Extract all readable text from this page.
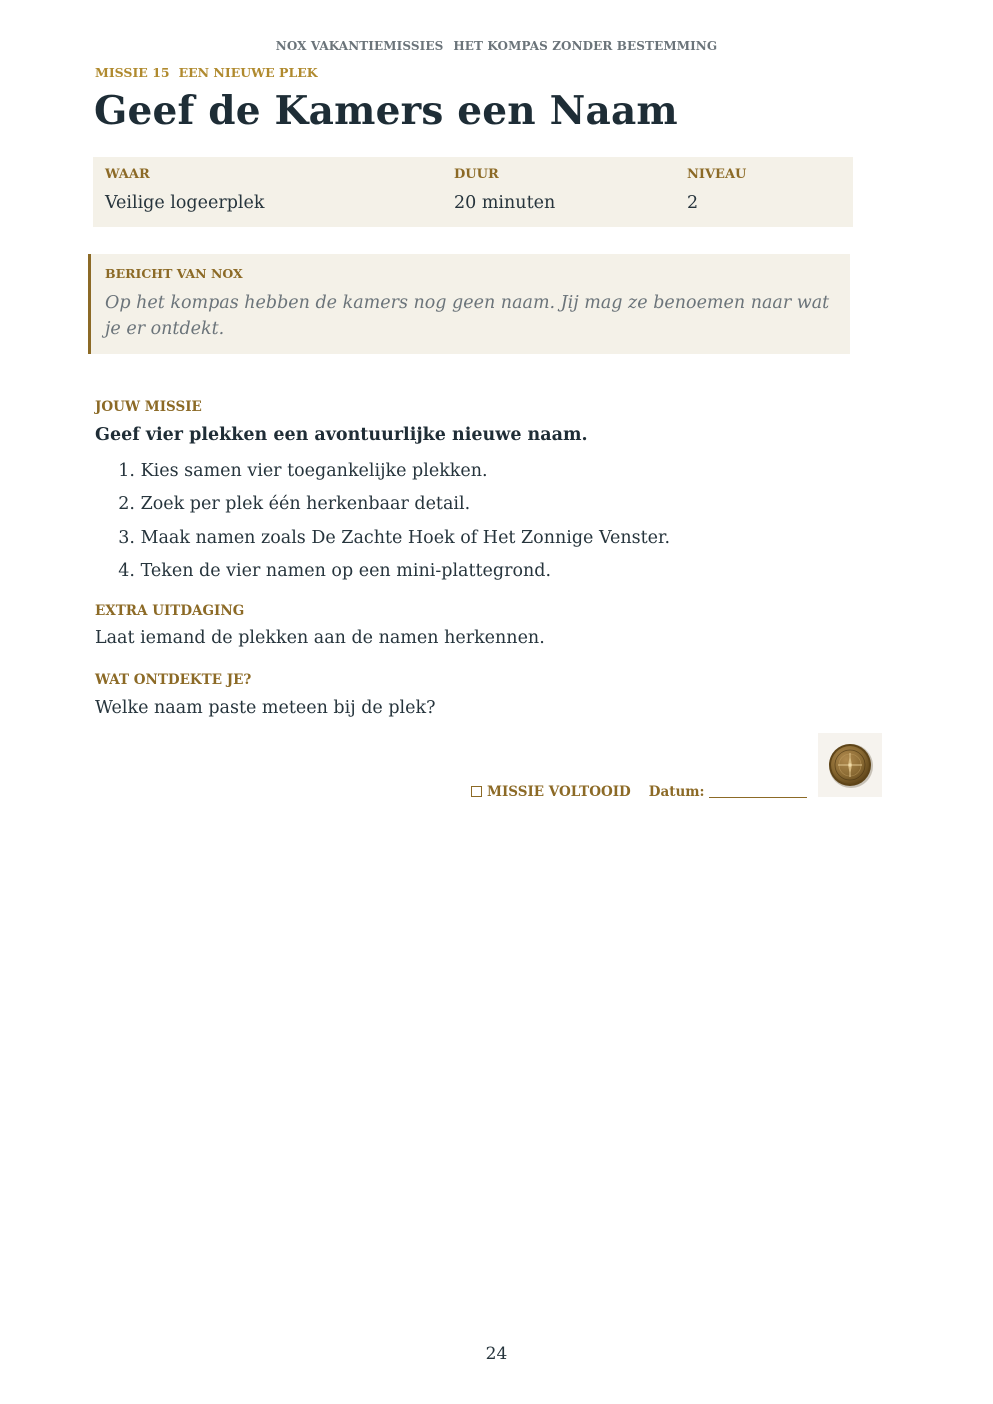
NOX VAKANTIEMISSIES HET KOMPAS ZONDER BESTEMMING
MISSIE 15 EEN NIEUWE PLEK
Geef de Kamers een Naam
WAAR
Veilige logeerplek
DUUR
20 minuten
NIVEAU
2
BERICHT VAN NOX
Op het kompas hebben de kamers nog geen naam. Jij mag ze benoemen naar wat je er ontdekt.
JOUW MISSIE
Geef vier plekken een avontuurlijke nieuwe naam.
1. Kies samen vier toegankelijke plekken.
2. Zoek per plek één herkenbaar detail.
3. Maak namen zoals De Zachte Hoek of Het Zonnige Venster.
4. Teken de vier namen op een mini-plattegrond.
EXTRA UITDAGING
Laat iemand de plekken aan de namen herkennen.
WAT ONTDEKTE JE?
Welke naam paste meteen bij de plek?
MISSIE VOLTOOID Datum:
24
